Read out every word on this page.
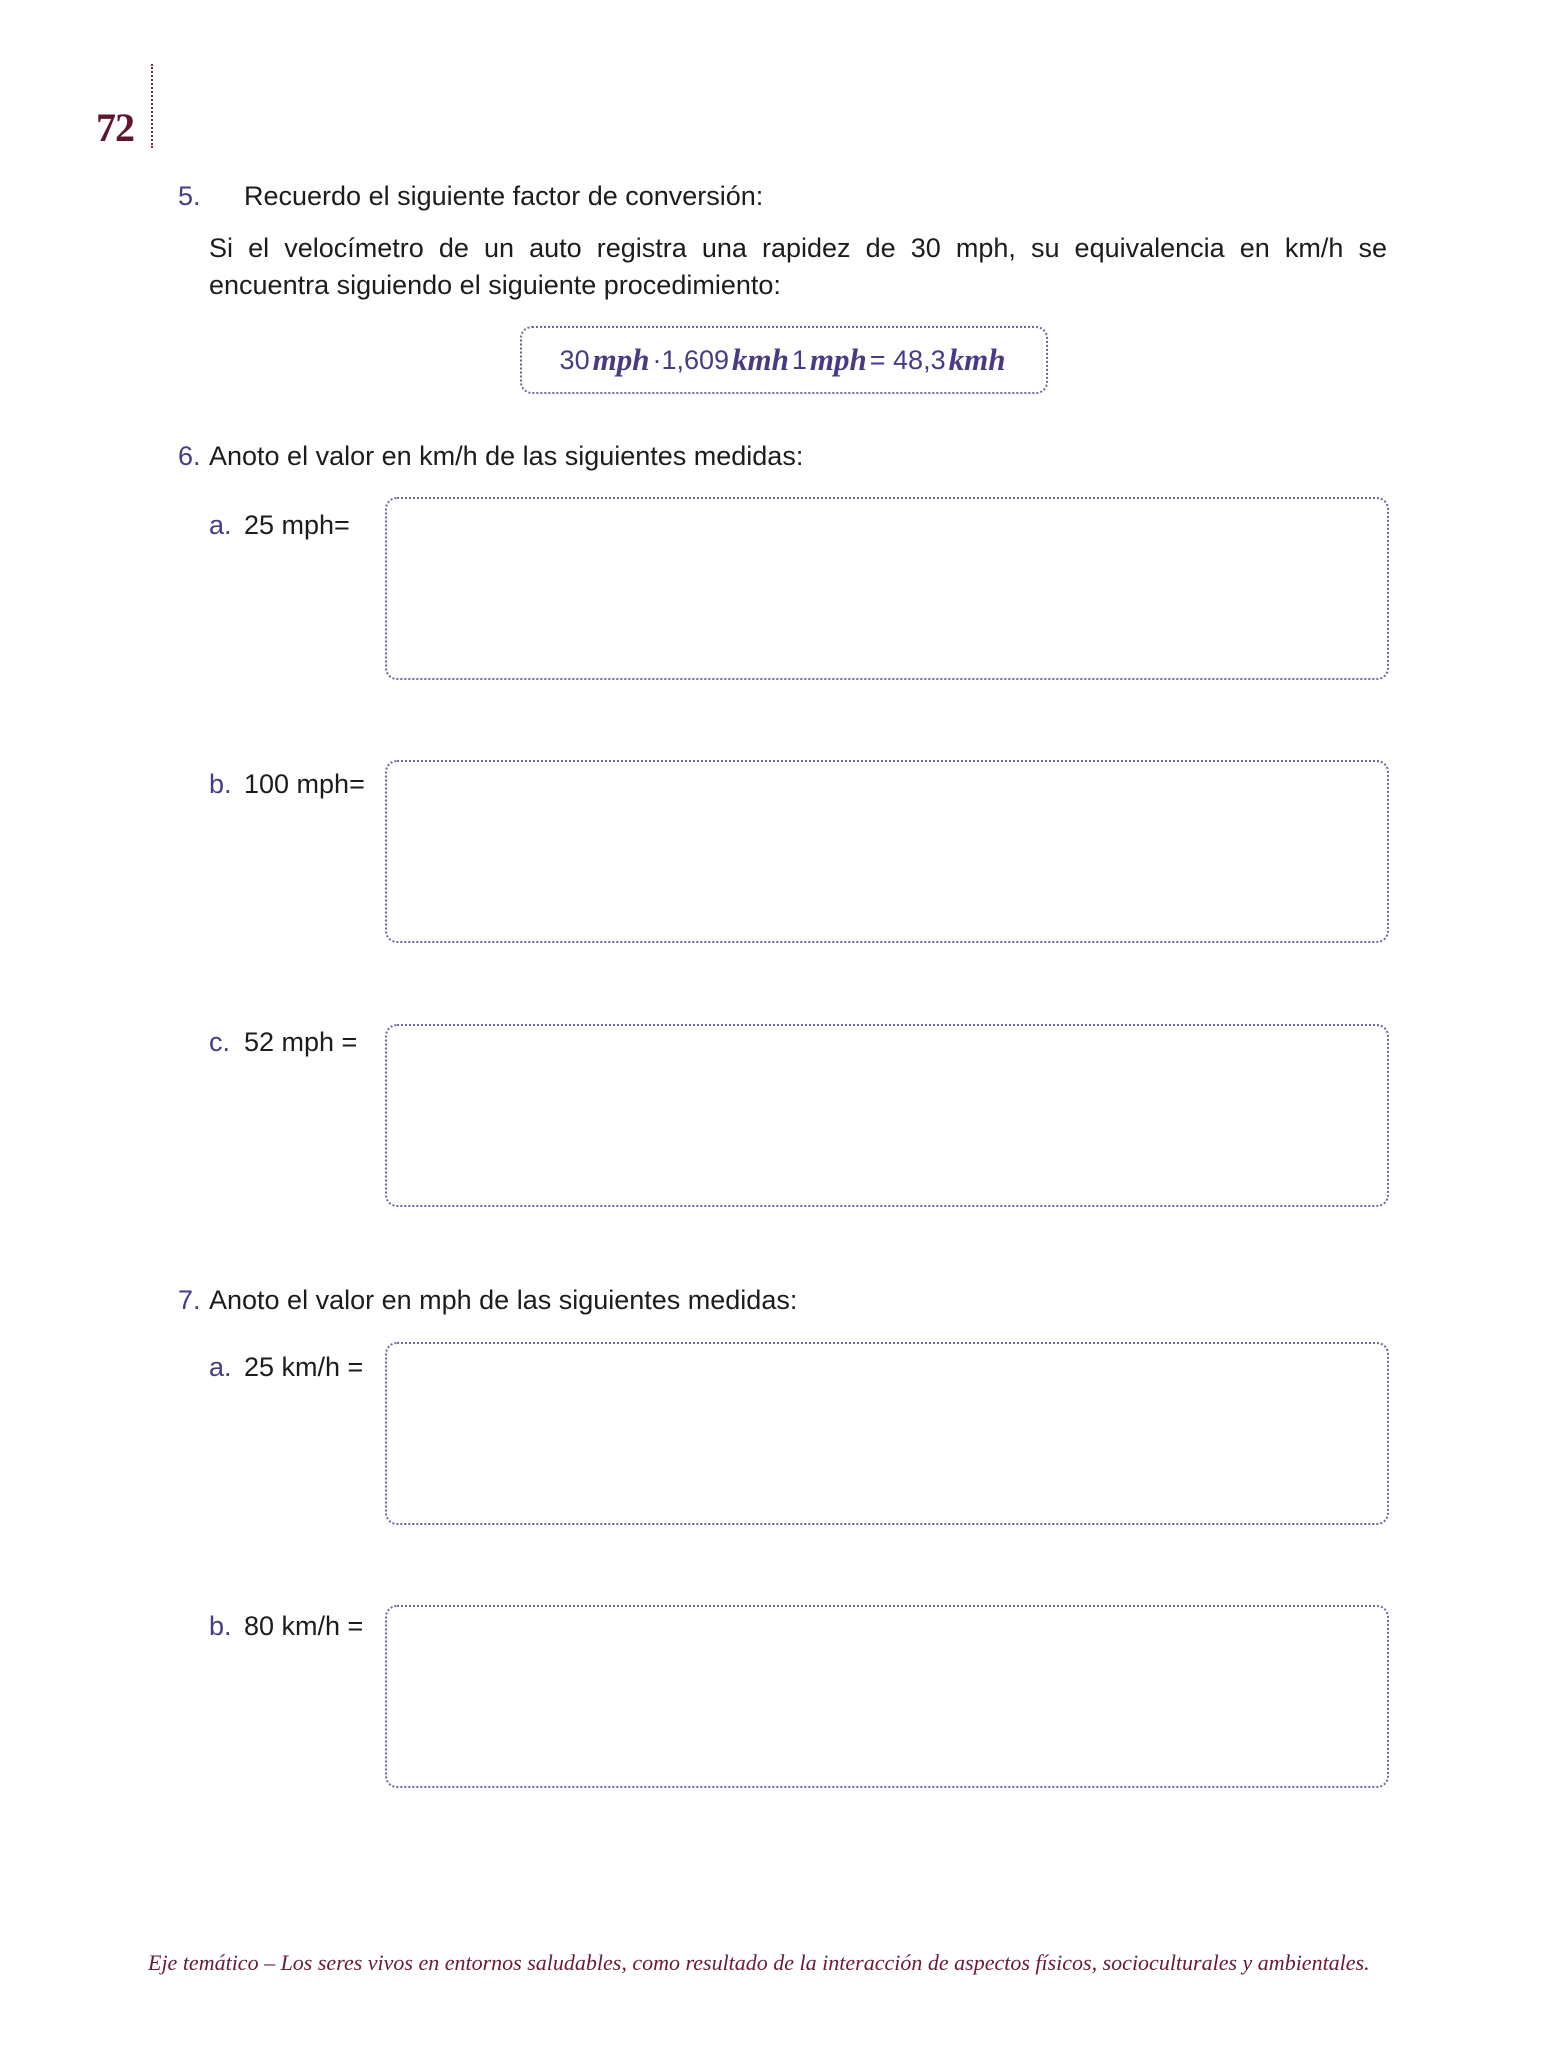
72
5. Recuerdo el siguiente factor de conversión:
Si el velocímetro de un auto registra una rapidez de 30 mph, su equivalencia en km/h se encuentra siguiendo el siguiente procedimiento:
30 mph ·1,609 kmh 1 mph = 48,3 kmh
6. Anoto el valor en km/h de las siguientes medidas:
a. 25 mph=
b. 100 mph=
c. 52 mph =
7. Anoto el valor en mph de las siguientes medidas:
a. 25 km/h =
b. 80 km/h =
Eje temático – Los seres vivos en entornos saludables, como resultado de la interacción de aspectos físicos, socioculturales y ambientales.
